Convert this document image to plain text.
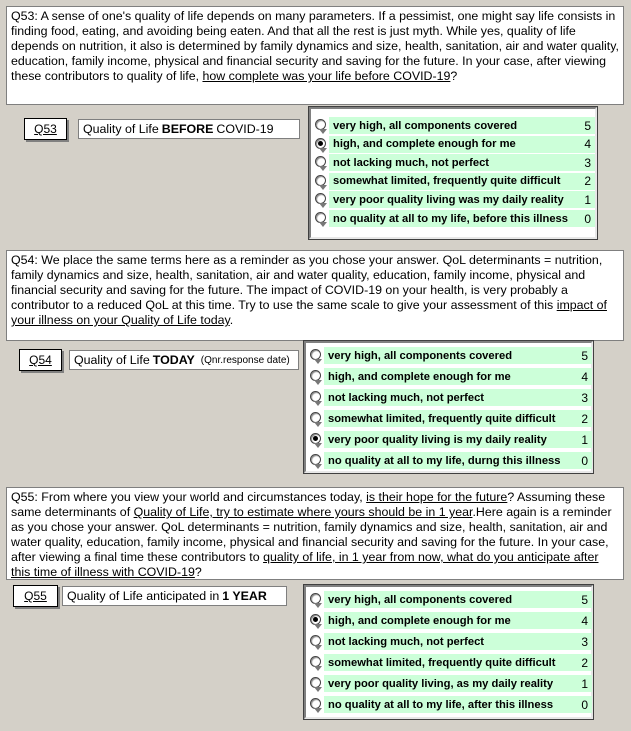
Q53: A sense of one's quality of life depends on many parameters. If a pessimist, one might say life consists in finding food, eating, and avoiding being eaten. And that all the rest is just myth. While yes, quality of life depends on nutrition, it also is determined by family dynamics and size, health, sanitation, air and water quality, education, family income, physical and financial security and saving for the future. In your case, after viewing these contributors to quality of life, how complete was your life before COVID-19?
Q53 Quality of Life BEFORE COVID-19	very high, all components covered	5
high, and complete enough for me	4
not lacking much, not perfect	3
somewhat limited, frequently quite difficult 2
very poor quality living was my daily reality 1
no quality at all to my life, before this illness 0
Q54: We place the same terms here as a reminder as you chose your answer. QoL determinants = nutrition, family dynamics and size, health, sanitation, air and water quality, education, family income, physical and financial security and saving for the future. The impact of COVID-19 on your health, is very probably a contributor to a reduced QoL at this time. Try to use the same scale to give your assessment of this impact of your illness on your Quality of Life today.
Q54 Quality of Life TODAY (Qnr.response date)	very high, all components covered	5
high, and complete enough for me	4
not lacking much, not perfect	3
somewhat limited, frequently quite difficult 2
very poor quality living is my daily reality	1
no quality at all to my life, durng this illness 0
Q55: From where you view your world and circumstances today, is their hope for the future? Assuming these same determinants of Quality of Life, try to estimate where yours should be in 1 year.Here again is a reminder as you chose your answer. QoL determinants = nutrition, family dynamics and size, health, sanitation, air and water quality, education, family income, physical and financial security and saving for the future. In your case, after viewing a final time these contributors to quality of life, in 1 year from now, what do you anticipate after this time of illness with COVID-19?
Q55 Quality of Life anticipated in 1 YEAR	very high, all components covered	5
high, and complete enough for me	4
not lacking much, not perfect	3
somewhat limited, frequently quite difficult 2
very poor quality living, as my daily reality 1
no quality at all to my life, after this illness 0
